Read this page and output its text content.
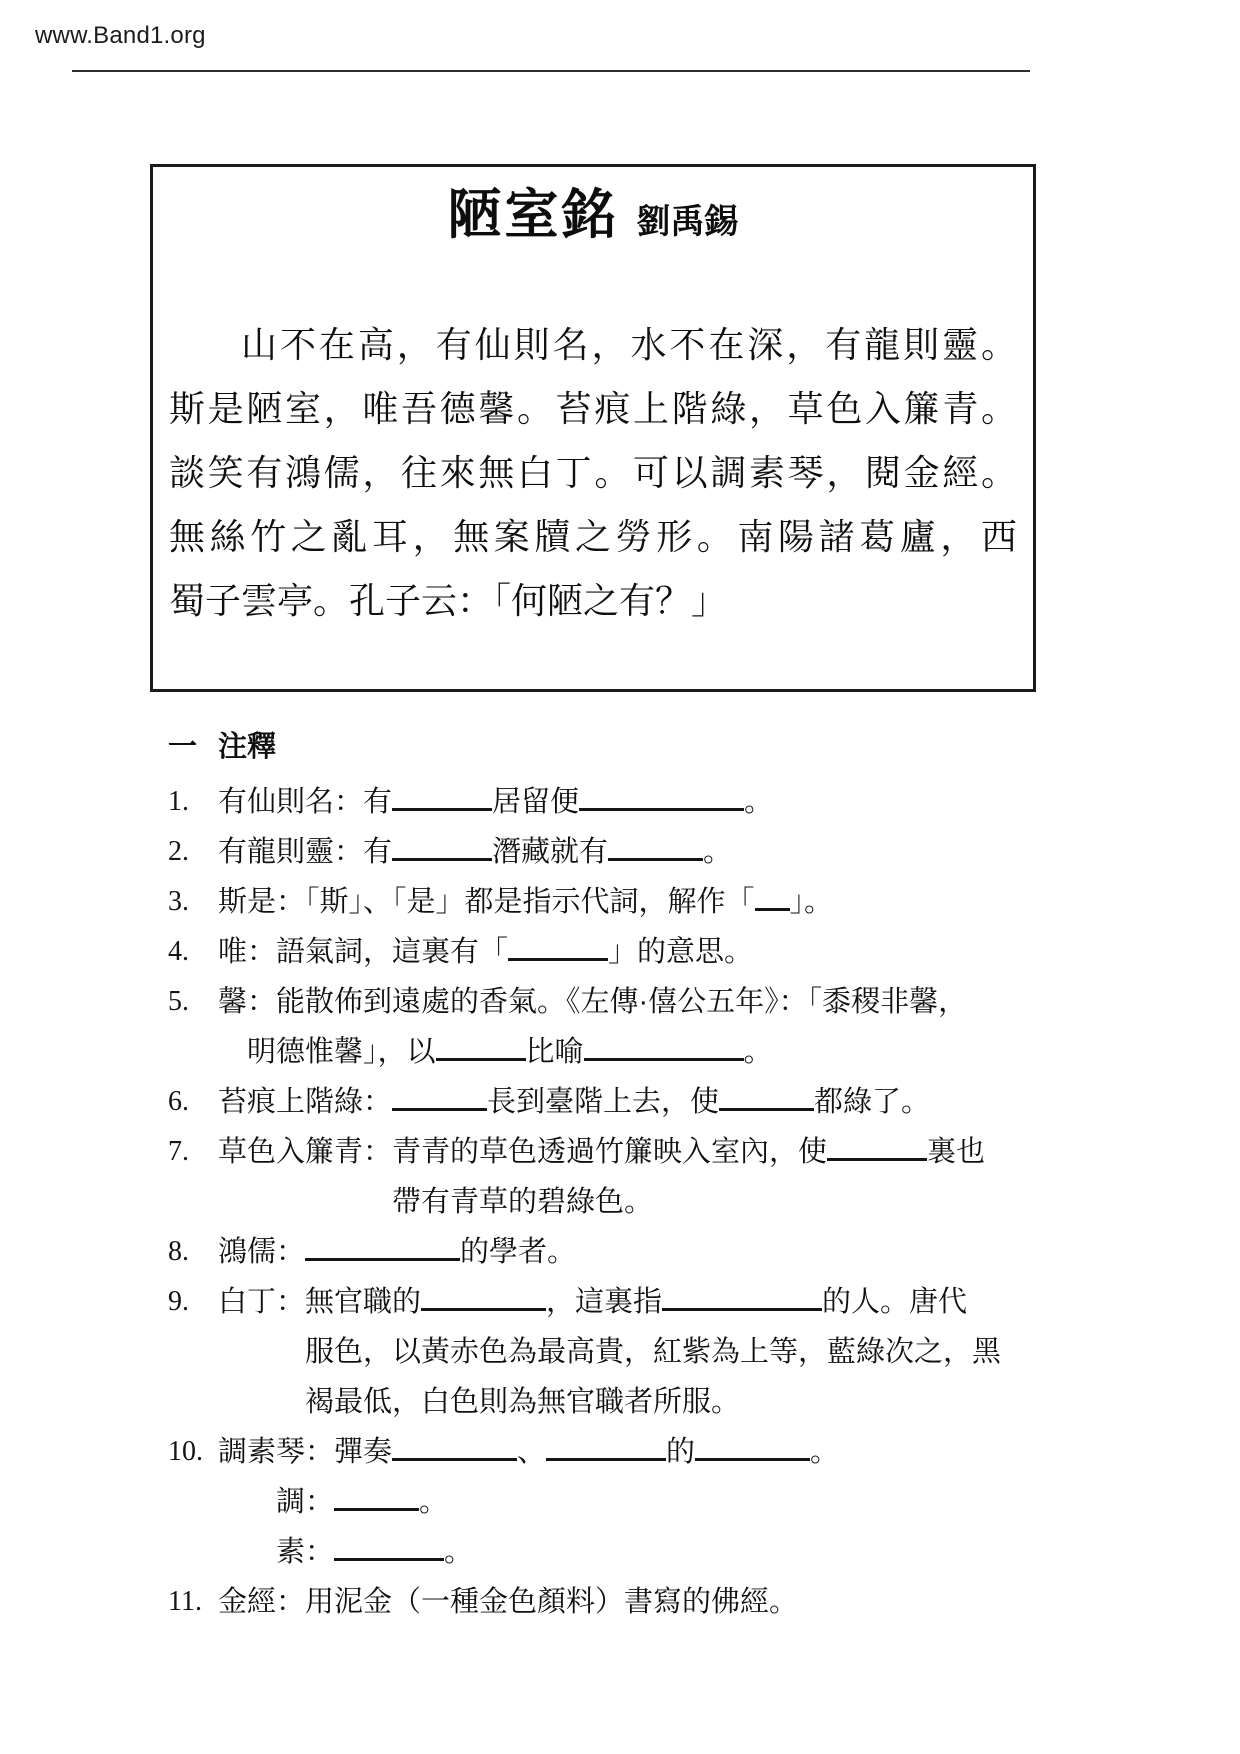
www.Band1.org
陋室銘 劉禹錫
山不在高，有仙則名，水不在深，有龍則靈。
斯是陋室，唯吾德馨。苔痕上階綠，草色入簾青。
談笑有鴻儒，往來無白丁。可以調素琴，閱金經。
無絲竹之亂耳，無案牘之勞形。南陽諸葛廬，西
蜀子雲亭。孔子云：「何陋之有？」
一 注釋
1.	有仙則名：有	居留便	。
2.	有龍則靈：有	潛藏就有	。
3.	斯是：「斯」、「是」都是指示代詞，解作「 」。
4.	唯：語氣詞，這裏有「	」的意思。
5.	馨：能散佈到遠處的香氣。《左傳·僖公五年》：「黍稷非馨，
明德惟馨」，以	比喻	。
6.	苔痕上階綠：	長到臺階上去，使	都綠了。
7.	草色入簾青：青青的草色透過竹簾映入室內，使	裏也
帶有青草的碧綠色。
8.	鴻儒：	的學者。
9.	白丁：無官職的	，這裏指	的人。唐代
服色，以黃赤色為最高貴，紅紫為上等，藍綠次之，黑
褐最低，白色則為無官職者所服。
10. 調素琴：彈奏	、	的	。
調：	。
素：	。
11. 金經：用泥金（一種金色顏料）書寫的佛經。
